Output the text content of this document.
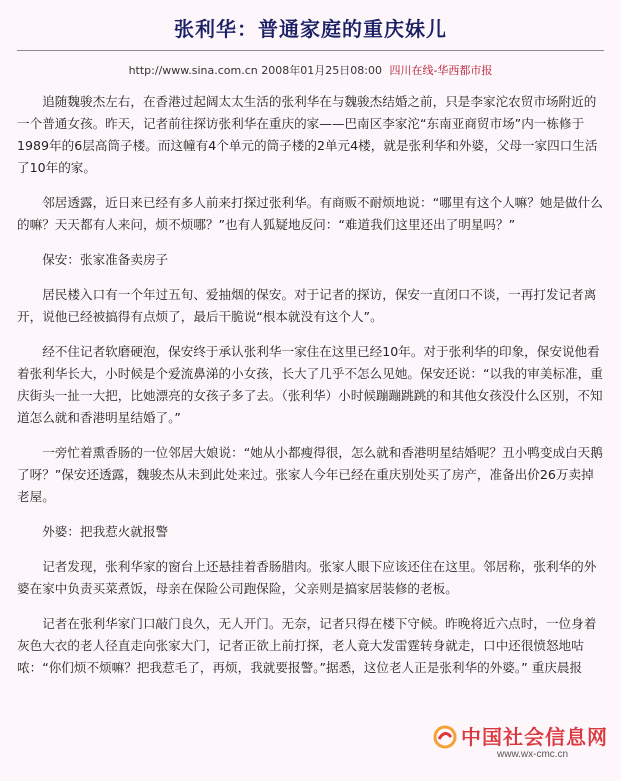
张利华：普通家庭的重庆妹儿
http://www.sina.com.cn 2008年01月25日08:00 四川在线-华西都市报

追随魏骏杰左右，在香港过起阔太太生活的张利华在与魏骏杰结婚之前，只是李家沱农贸市场附近的一个普通女孩。昨天，记者前往探访张利华在重庆的家——巴南区李家沱“东南亚商贸市场”内一栋修于1989年的6层高筒子楼。而这幢有4个单元的筒子楼的2单元4楼，就是张利华和外婆，父母一家四口生活了10年的家。

邻居透露，近日来已经有多人前来打探过张利华。有商贩不耐烦地说：“哪里有这个人嘛？她是做什么的嘛？天天都有人来问，烦不烦哪？”也有人狐疑地反问：“难道我们这里还出了明星吗？”

保安：张家准备卖房子

居民楼入口有一个年过五旬、爱抽烟的保安。对于记者的探访，保安一直闭口不谈，一再打发记者离开，说他已经被搞得有点烦了，最后干脆说“根本就没有这个人”。

经不住记者软磨硬泡，保安终于承认张利华一家住在这里已经10年。对于张利华的印象，保安说他看着张利华长大，小时候是个爱流鼻涕的小女孩，长大了几乎不怎么见她。保安还说：“以我的审美标准，重庆街头一扯一大把，比她漂亮的女孩子多了去。（张利华）小时候蹦蹦跳跳的和其他女孩没什么区别，不知道怎么就和香港明星结婚了。”

一旁忙着熏香肠的一位邻居大娘说：“她从小都瘦得很，怎么就和香港明星结婚呢？丑小鸭变成白天鹅了呀？”保安还透露，魏骏杰从未到此处来过。张家人今年已经在重庆别处买了房产，准备出价26万卖掉老屋。

外婆：把我惹火就报警

记者发现，张利华家的窗台上还悬挂着香肠腊肉。张家人眼下应该还住在这里。邻居称，张利华的外婆在家中负责买菜煮饭，母亲在保险公司跑保险，父亲则是搞家居装修的老板。

记者在张利华家门口敲门良久，无人开门。无奈，记者只得在楼下守候。昨晚将近六点时，一位身着灰色大衣的老人径直走向张家大门，记者正欲上前打探，老人竟大发雷霆转身就走，口中还很愤怒地咕哝：“你们烦不烦嘛？把我惹毛了，再烦，我就要报警。”据悉，这位老人正是张利华的外婆。” 重庆晨报

中国社会信息网
www.wx-cmc.cn
